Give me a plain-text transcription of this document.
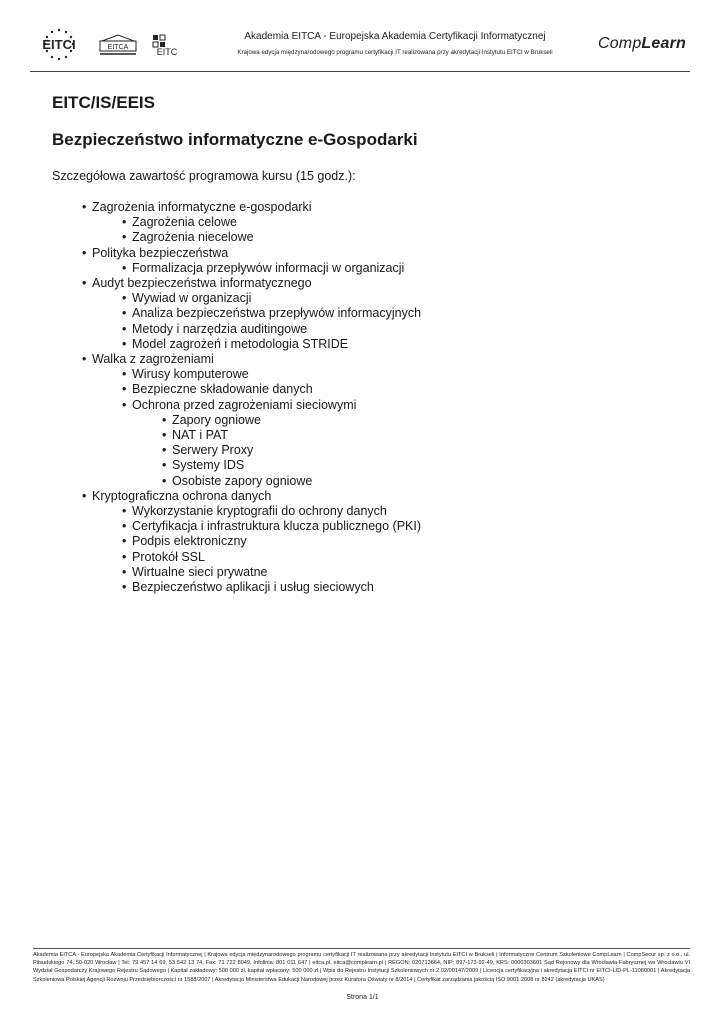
EITCI	EITCA	EITC
Akademia EITCA - Europejska Akademia Certyfikacji Informatycznej
Krajowa edycja międzynarodowego programu certyfikacji IT realizowana przy akredytacji Instytutu EITCI w Brukseli
CompLearn
EITC/IS/EEIS
Bezpieczeństwo informatyczne e-Gospodarki

Szczegółowa zawartość programowa kursu (15 godz.):

• Zagrożenia informatyczne e-gospodarki
• Zagrożenia celowe
• Zagrożenia niecelowe
• Polityka bezpieczeństwa
• Formalizacja przepływów informacji w organizacji
• Audyt bezpieczeństwa informatycznego
• Wywiad w organizacji
• Analiza bezpieczeństwa przepływów informacyjnych
• Metody i narzędzia auditingowe
• Model zagrożeń i metodologia STRIDE
• Walka z zagrożeniami
• Wirusy komputerowe
• Bezpieczne składowanie danych
• Ochrona przed zagrożeniami sieciowymi
• Zapory ogniowe
• NAT i PAT
• Serwery Proxy
• Systemy IDS
• Osobiste zapory ogniowe
• Kryptograficzna ochrona danych
• Wykorzystanie kryptografii do ochrony danych
• Certyfikacja i infrastruktura klucza publicznego (PKI)
• Podpis elektroniczny
• Protokół SSL
• Wirtualne sieci prywatne
• Bezpieczeństwo aplikacji i usług sieciowych
Akademia EITCA - Europejska Akademia Certyfikacji Informatycznej | Krajowa edycja międzynarodowego programu certyfikacji IT realizowana przy akredytacji Instytutu EITCI w Brukseli | Informatyczne Centrum Szkoleniowe CompLearn | CompSecur sp. z o.o., ul. Piłsudskiego 74, 50-020 Wrocław | Tel: 79 457 14 69, 53 542 13 74, Fax: 71 722 8049, Infolinia: 801 011 647 | eitca.pl, eitca@complearn.pl | REGON: 020713664, NIP: 897-173-92-49, KRS: 0000303601 Sąd Rejonowy dla Wrocławia-Fabrycznej we Wrocławiu VI Wydział Gospodarczy Krajowego Rejestru Sądowego | Kapitał zakładowy: 500 000 zł, kapitał wpłacony: 500 000 zł | Wpis do Rejestru Instytucji Szkoleniowych nr 2.02/00147/2009 | Licencja certyfikacyjna i akredytacja EITCI nr EITCI-LID-PL-11080001 | Akredytacja Szkoleniowa Polskiej Agencji Rozwoju Przedsiębiorczości nr 1588/2007 | Akredytacja Ministerstwa Edukacji Narodowej przez Kuratora Oświaty nr 8/2014 | Certyfikat zarządzania jakością ISO 9001:2008 nr 8242 (akredytacja UKAS)
Strona 1/1
